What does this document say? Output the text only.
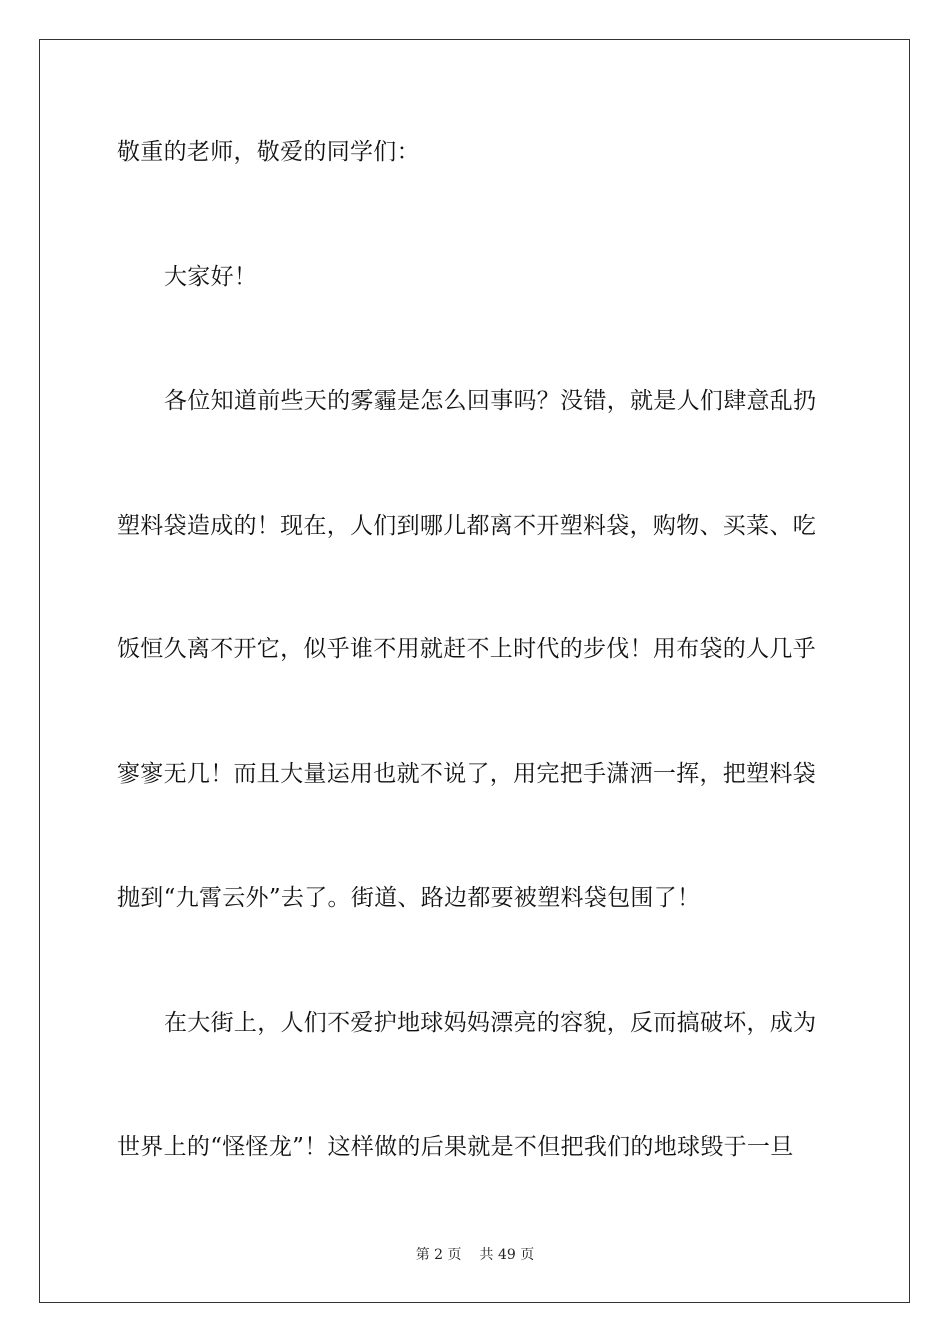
敬重的老师，敬爱的同学们：
大家好！
各位知道前些天的雾霾是怎么回事吗？没错，就是人们肆意乱扔
塑料袋造成的！现在，人们到哪儿都离不开塑料袋，购物、买菜、吃
饭恒久离不开它，似乎谁不用就赶不上时代的步伐！用布袋的人几乎
寥寥无几！而且大量运用也就不说了，用完把手潇洒一挥，把塑料袋
抛到“九霄云外”去了。街道、路边都要被塑料袋包围了！
在大街上，人们不爱护地球妈妈漂亮的容貌，反而搞破坏，成为
世界上的“怪怪龙”！这样做的后果就是不但把我们的地球毁于一旦
第 2 页 共 49 页
